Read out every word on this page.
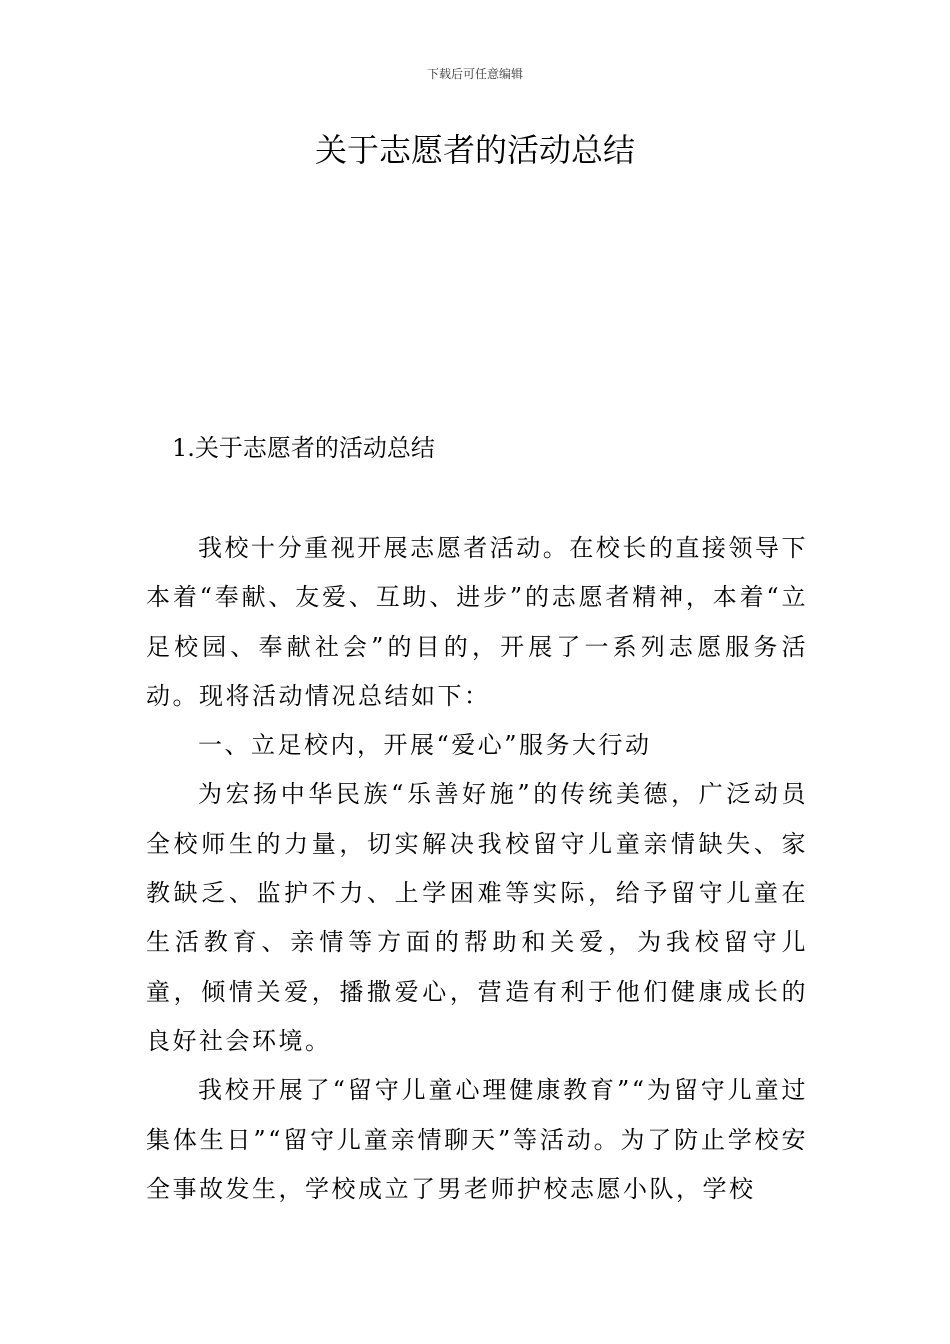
下载后可任意编辑
关于志愿者的活动总结
1.关于志愿者的活动总结

我校十分重视开展志愿者活动。在校长的直接领导下本着“奉献、友爱、互助、进步”的志愿者精神，本着“立足校园、奉献社会”的目的，开展了一系列志愿服务活动。现将活动情况总结如下：

一、立足校内，开展“爱心”服务大行动

为宏扬中华民族“乐善好施”的传统美德，广泛动员全校师生的力量，切实解决我校留守儿童亲情缺失、家教缺乏、监护不力、上学困难等实际，给予留守儿童在生活教育、亲情等方面的帮助和关爱，为我校留守儿童，倾情关爱，播撒爱心，营造有利于他们健康成长的良好社会环境。

我校开展了“留守儿童心理健康教育”“为留守儿童过集体生日”“留守儿童亲情聊天”等活动。为了防止学校安全事故发生，学校成立了男老师护校志愿小队，学校
